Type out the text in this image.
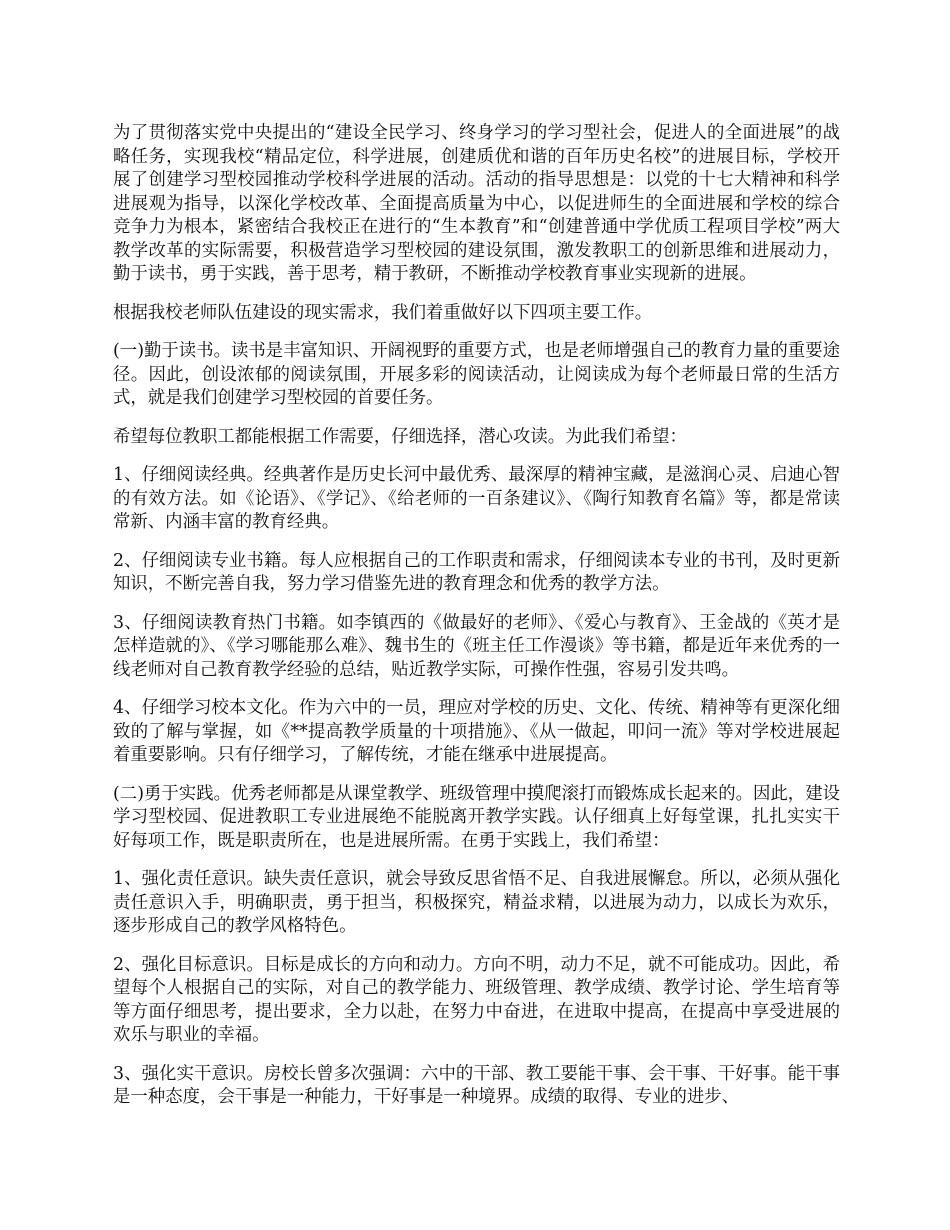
为了贯彻落实党中央提出的“建设全民学习、终身学习的学习型社会，促进人的全面进展”的战略任务，实现我校“精品定位，科学进展，创建质优和谐的百年历史名校”的进展目标，学校开展了创建学习型校园推动学校科学进展的活动。活动的指导思想是：以党的十七大精神和科学进展观为指导，以深化学校改革、全面提高质量为中心，以促进师生的全面进展和学校的综合竞争力为根本，紧密结合我校正在进行的“生本教育”和“创建普通中学优质工程项目学校”两大教学改革的实际需要，积极营造学习型校园的建设氛围，激发教职工的创新思维和进展动力，勤于读书，勇于实践，善于思考，精于教研，不断推动学校教育事业实现新的进展。

根据我校老师队伍建设的现实需求，我们着重做好以下四项主要工作。

(一)勤于读书。读书是丰富知识、开阔视野的重要方式，也是老师增强自己的教育力量的重要途径。因此，创设浓郁的阅读氛围，开展多彩的阅读活动，让阅读成为每个老师最日常的生活方式，就是我们创建学习型校园的首要任务。

希望每位教职工都能根据工作需要，仔细选择，潜心攻读。为此我们希望：

1、仔细阅读经典。经典著作是历史长河中最优秀、最深厚的精神宝藏，是滋润心灵、启迪心智的有效方法。如《论语》、《学记》、《给老师的一百条建议》、《陶行知教育名篇》等，都是常读常新、内涵丰富的教育经典。

2、仔细阅读专业书籍。每人应根据自己的工作职责和需求，仔细阅读本专业的书刊，及时更新知识，不断完善自我，努力学习借鉴先进的教育理念和优秀的教学方法。

3、仔细阅读教育热门书籍。如李镇西的《做最好的老师》、《爱心与教育》、王金战的《英才是怎样造就的》、《学习哪能那么难》、魏书生的《班主任工作漫谈》等书籍，都是近年来优秀的一线老师对自己教育教学经验的总结，贴近教学实际，可操作性强，容易引发共鸣。

4、仔细学习校本文化。作为六中的一员，理应对学校的历史、文化、传统、精神等有更深化细致的了解与掌握，如《**提高教学质量的十项措施》、《从一做起，叩问一流》等对学校进展起着重要影响。只有仔细学习，了解传统，才能在继承中进展提高。

(二)勇于实践。优秀老师都是从课堂教学、班级管理中摸爬滚打而锻炼成长起来的。因此，建设学习型校园、促进教职工专业进展绝不能脱离开教学实践。认仔细真上好每堂课，扎扎实实干好每项工作，既是职责所在，也是进展所需。在勇于实践上，我们希望：

1、强化责任意识。缺失责任意识，就会导致反思省悟不足、自我进展懈怠。所以，必须从强化责任意识入手，明确职责，勇于担当，积极探究，精益求精，以进展为动力，以成长为欢乐，逐步形成自己的教学风格特色。

2、强化目标意识。目标是成长的方向和动力。方向不明，动力不足，就不可能成功。因此，希望每个人根据自己的实际，对自己的教学能力、班级管理、教学成绩、教学讨论、学生培育等等方面仔细思考，提出要求，全力以赴，在努力中奋进，在进取中提高，在提高中享受进展的欢乐与职业的幸福。

3、强化实干意识。房校长曾多次强调：六中的干部、教工要能干事、会干事、干好事。能干事是一种态度，会干事是一种能力，干好事是一种境界。成绩的取得、专业的进步、
